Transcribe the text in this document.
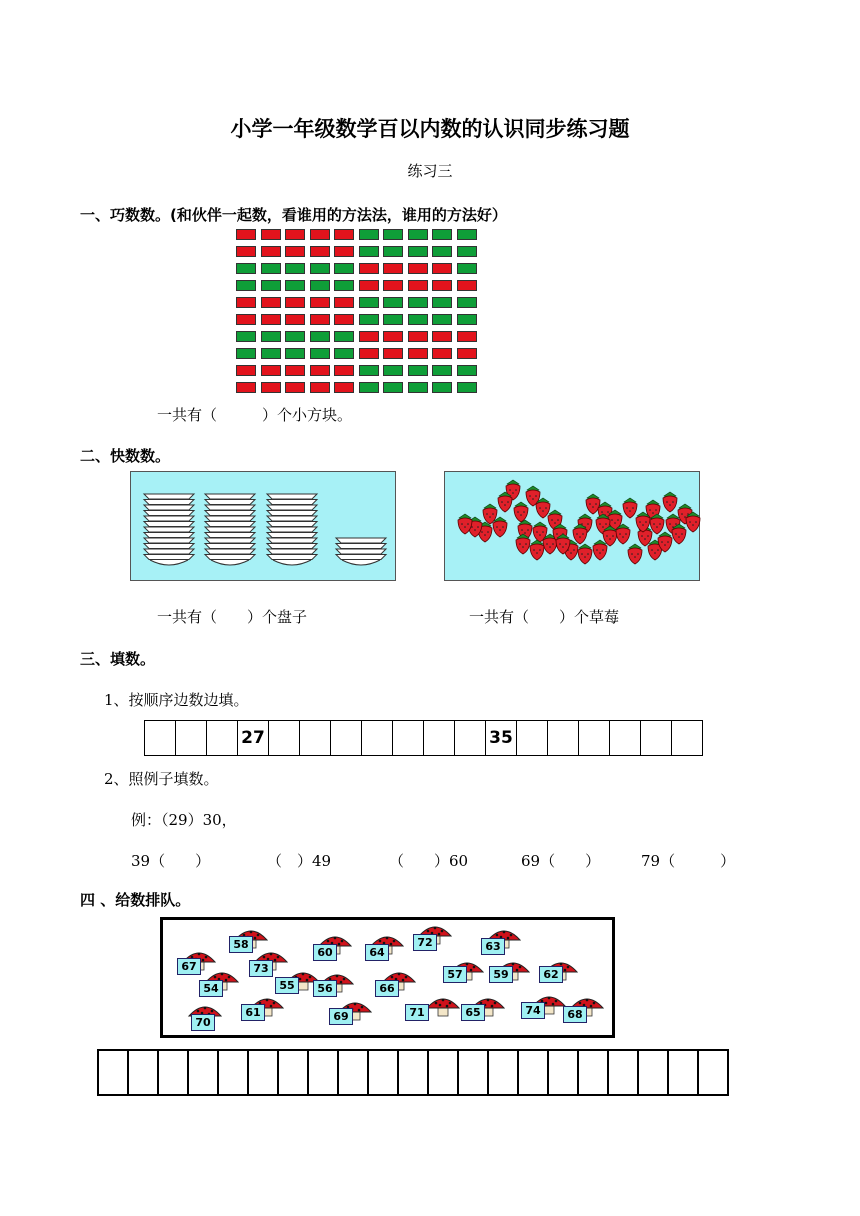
小学一年级数学百以内数的认识同步练习题
练习三
一、巧数数。(和伙伴一起数，看谁用的方法法，谁用的方法好）
一共有（　　　）个小方块。
二、快数数。
一共有（　　）个盘子	一共有（　　）个草莓
三、填数。
1、按顺序边数边填。
			27								35						
2、照例子填数。
例：（29）30，
39（　　）	（　）49	（　　）60	69（　　）	79（　　　）
四 、给数排队。
58
60	64
72	63
67	73
55
57	59	62
54	56	66
70
61	69	71	65	74	68
